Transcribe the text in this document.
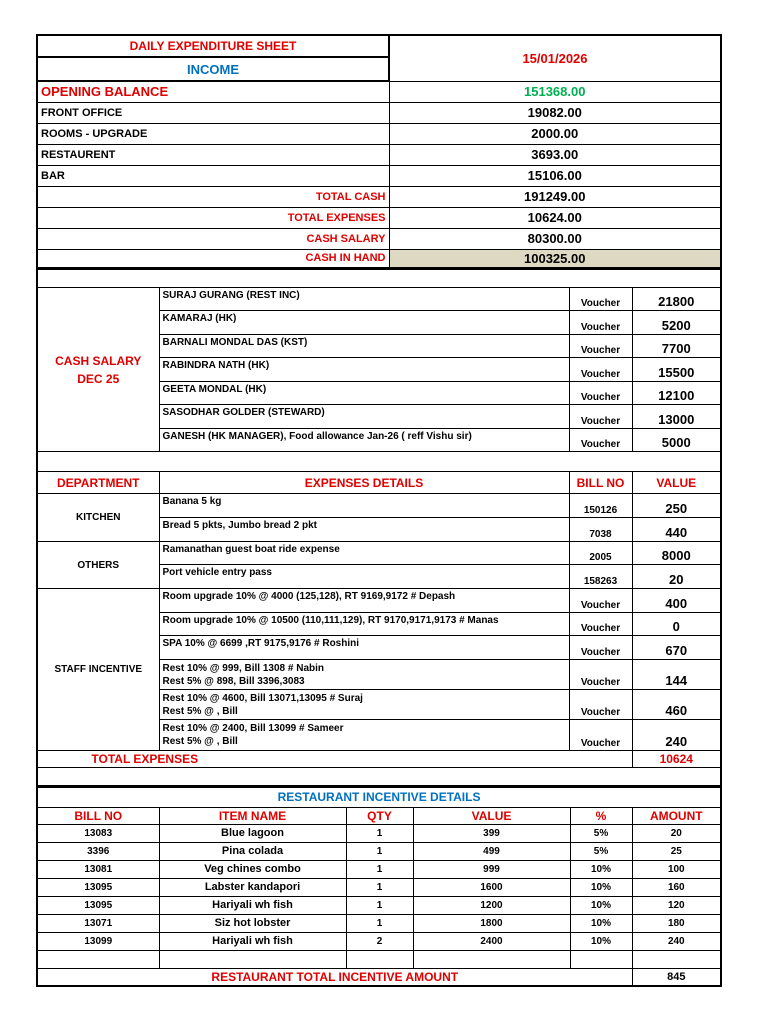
DAILY EXPENDITURE SHEET	15/01/2026
INCOME	
OPENING BALANCE	151368.00
FRONT OFFICE	19082.00
ROOMS - UPGRADE	2000.00
RESTAURENT	3693.00
BAR	15106.00
TOTAL CASH	191249.00
TOTAL EXPENSES	10624.00
CASH SALARY	80300.00
CASH IN HAND	100325.00

CASH SALARY
DEC 25	SURAJ GURANG (REST INC)	Voucher	21800
	KAMARAJ (HK)	Voucher	5200
	BARNALI MONDAL DAS (KST)	Voucher	7700
	RABINDRA NATH (HK)	Voucher	15500
	GEETA MONDAL (HK)	Voucher	12100
	SASODHAR GOLDER (STEWARD)	Voucher	13000
	GANESH (HK MANAGER), Food allowance Jan-26 ( reff Vishu sir)	Voucher	5000

DEPARTMENT	EXPENSES DETAILS	BILL NO	VALUE
KITCHEN	Banana 5 kg	150126	250
	Bread 5 pkts, Jumbo bread 2 pkt	7038	440
OTHERS	Ramanathan guest boat ride expense	2005	8000
	Port vehicle entry pass	158263	20
STAFF INCENTIVE	Room upgrade 10% @ 4000 (125,128), RT 9169,9172 # Depash	Voucher	400
	Room upgrade 10% @ 10500 (110,111,129), RT 9170,9171,9173 # Manas	Voucher	0
	SPA 10% @ 6699 ,RT 9175,9176 # Roshini	Voucher	670
	Rest 10% @ 999, Bill 1308 # Nabin
Rest 5% @ 898, Bill 3396,3083	Voucher	144
	Rest 10% @ 4600, Bill 13071,13095 # Suraj
Rest 5% @ , Bill	Voucher	460
	Rest 10% @ 2400, Bill 13099 # Sameer
Rest 5% @ , Bill	Voucher	240
TOTAL EXPENSES			10624

RESTAURANT INCENTIVE DETAILS					
BILL NO	ITEM NAME	QTY	VALUE	%	AMOUNT
13083	Blue lagoon	1	399	5%	20
3396	Pina colada	1	499	5%	25
13081	Veg chines combo	1	999	10%	100
13095	Labster kandapori	1	1600	10%	160
13095	Hariyali wh fish	1	1200	10%	120
13071	Siz hot lobster	1	1800	10%	180
13099	Hariyali wh fish	2	2400	10%	240

RESTAURANT TOTAL INCENTIVE AMOUNT					845
